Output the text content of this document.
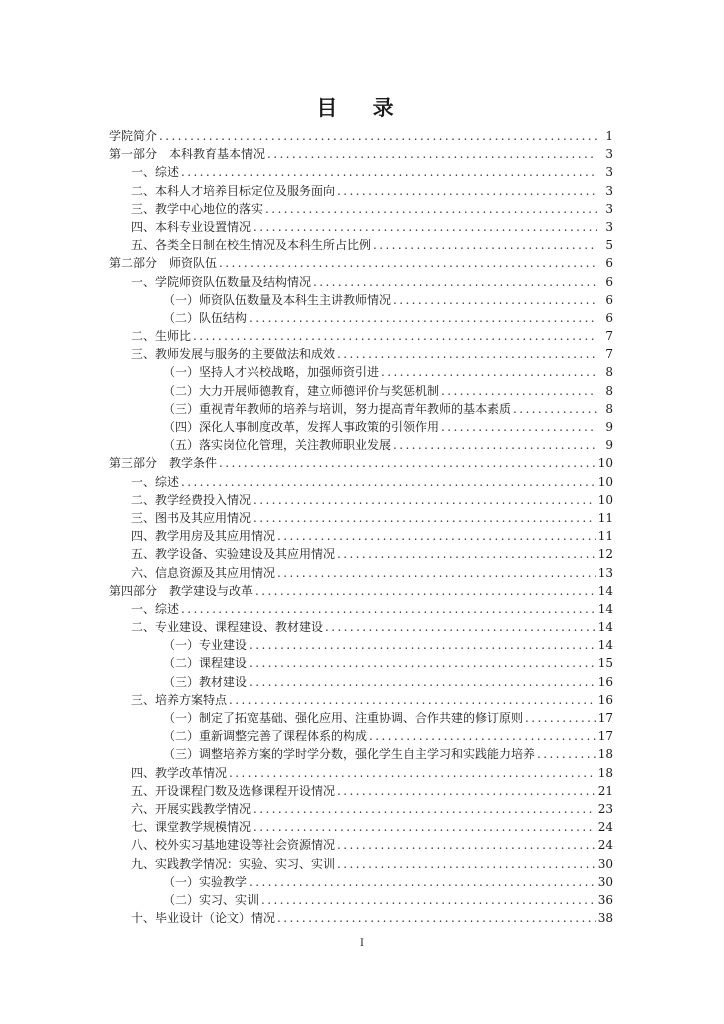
目 录
学院简介 .....	1
第一部分　本科教育基本情况 .....	3
一、综述 .....	3
二、本科人才培养目标定位及服务面向 .....	3
三、教学中心地位的落实 .....	3
四、本科专业设置情况 .....	3
五、各类全日制在校生情况及本科生所占比例 .....	5
第二部分　师资队伍 .....	6
一、学院师资队伍数量及结构情况 .....	6
（一）师资队伍数量及本科生主讲教师情况 .....	6
（二）队伍结构 .....	6
二、生师比 .....	7
三、教师发展与服务的主要做法和成效 .....	7
（一）坚持人才兴校战略，加强师资引进 .....	8
（二）大力开展师德教育，建立师德评价与奖惩机制 .....	8
（三）重视青年教师的培养与培训，努力提高青年教师的基本素质 .....	8
（四）深化人事制度改革，发挥人事政策的引领作用 .....	9
（五）落实岗位化管理，关注教师职业发展 .....	9
第三部分　教学条件 .....	10
一、综述 .....	10
二、教学经费投入情况 .....	10
三、图书及其应用情况 .....	11
四、教学用房及其应用情况 .....	11
五、教学设备、实验建设及其应用情况 .....	12
六、信息资源及其应用情况 .....	13
第四部分　教学建设与改革 .....	14
一、综述 .....	14
二、专业建设、课程建设、教材建设 .....	14
（一）专业建设 .....	14
（二）课程建设 .....	15
（三）教材建设 .....	16
三、培养方案特点 .....	16
（一）制定了拓宽基础、强化应用、注重协调、合作共建的修订原则 .....	17
（二）重新调整完善了课程体系的构成 .....	17
（三）调整培养方案的学时学分数，强化学生自主学习和实践能力培养 .....	18
四、教学改革情况 .....	18
五、开设课程门数及选修课程开设情况 .....	21
六、开展实践教学情况 .....	23
七、课堂教学规模情况 .....	24
八、校外实习基地建设等社会资源情况 .....	24
九、实践教学情况：实验、实习、实训 .....	30
（一）实验教学 .....	30
（二）实习、实训 .....	36
十、毕业设计（论文）情况 .....	38
I
